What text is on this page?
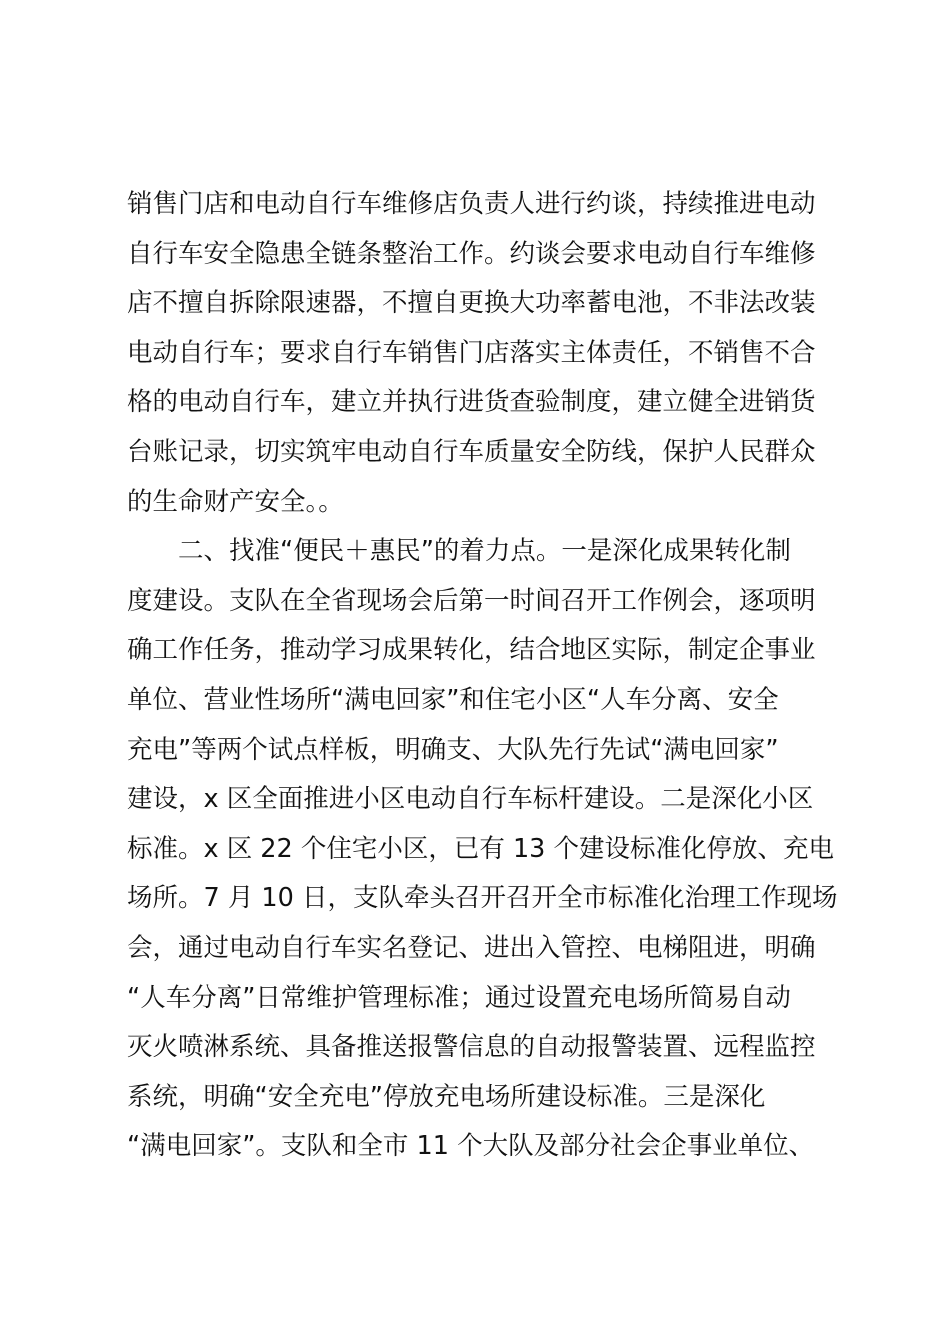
销售门店和电动自行车维修店负责人进行约谈，持续推进电动
自行车安全隐患全链条整治工作。约谈会要求电动自行车维修
店不擅自拆除限速器，不擅自更换大功率蓄电池，不非法改装
电动自行车；要求自行车销售门店落实主体责任，不销售不合
格的电动自行车，建立并执行进货查验制度，建立健全进销货
台账记录，切实筑牢电动自行车质量安全防线，保护人民群众
的生命财产安全。。
二、找准“便民＋惠民”的着力点。一是深化成果转化制
度建设。支队在全省现场会后第一时间召开工作例会，逐项明
确工作任务，推动学习成果转化，结合地区实际，制定企事业
单位、营业性场所“满电回家”和住宅小区“人车分离、安全
充电”等两个试点样板，明确支、大队先行先试“满电回家”
建设，x 区全面推进小区电动自行车标杆建设。二是深化小区
标准。x 区 22 个住宅小区，已有 13 个建设标准化停放、充电
场所。7 月 10 日，支队牵头召开召开全市标准化治理工作现场
会，通过电动自行车实名登记、进出入管控、电梯阻进，明确
“人车分离”日常维护管理标准；通过设置充电场所简易自动
灭火喷淋系统、具备推送报警信息的自动报警装置、远程监控
系统，明确“安全充电”停放充电场所建设标准。三是深化
“满电回家”。支队和全市 11 个大队及部分社会企事业单位、
